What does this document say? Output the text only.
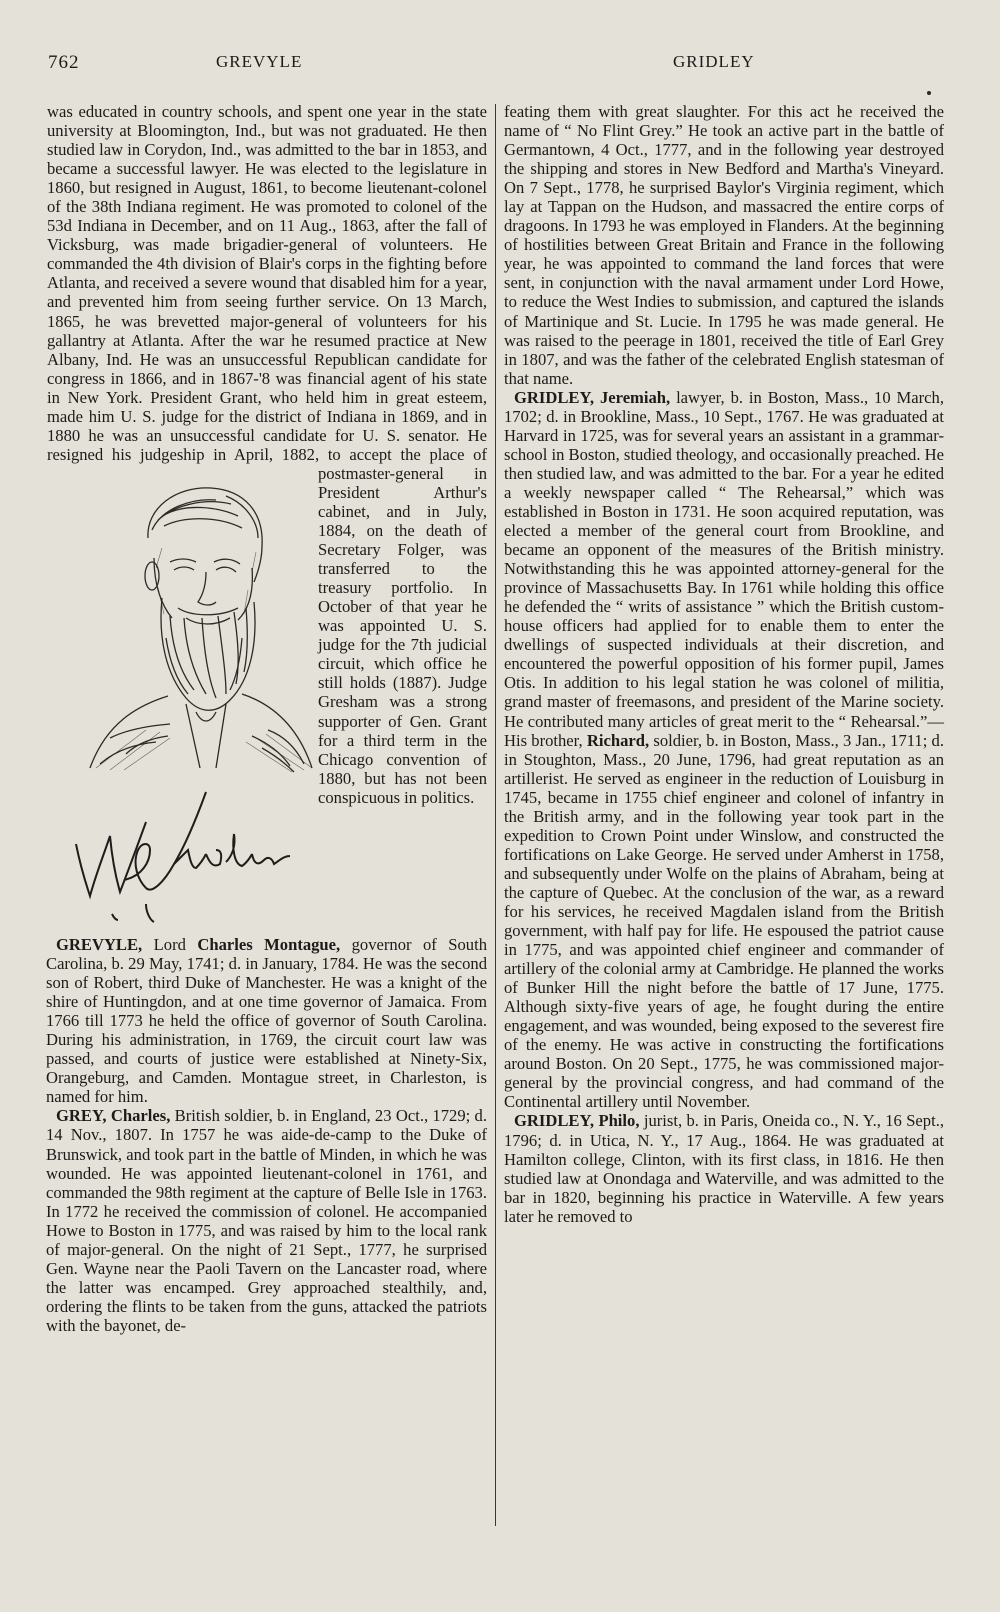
762	GREVYLE	GRIDLEY

was educated in country schools, and spent one year in the state university at Bloomington, Ind., but was not graduated. He then studied law in Corydon, Ind., was admitted to the bar in 1853, and became a successful lawyer. He was elected to the legislature in 1860, but resigned in August, 1861, to become lieutenant-colonel of the 38th Indiana regiment. He was promoted to colonel of the 53d Indiana in December, and on 11 Aug., 1863, after the fall of Vicksburg, was made brigadier-general of volunteers. He commanded the 4th division of Blair's corps in the fighting before Atlanta, and received a severe wound that disabled him for a year, and prevented him from seeing further service. On 13 March, 1865, he was brevetted major-general of volunteers for his gallantry at Atlanta. After the war he resumed practice at New Albany, Ind. He was an unsuccessful Republican candidate for congress in 1866, and in 1867-'8 was financial agent of his state in New York. President Grant, who held him in great esteem, made him U. S. judge for the district of Indiana in 1869, and in 1880 he was an unsuccessful candidate for U. S. senator. He resigned his judgeship in April, 1882, to accept the place of postmaster-general in President Arthur's cabinet, and in July, 1884, on the death of Secretary Folger, was transferred to the treasury portfolio. In October of that year he was appointed U. S. judge for the 7th judicial circuit, which office he still holds (1887). Judge Gresham was a strong supporter of Gen. Grant for a third term in the Chicago convention of 1880, but has not been conspicuous in politics.

GREVYLE, Lord Charles Montague, governor of South Carolina, b. 29 May, 1741; d. in January, 1784. He was the second son of Robert, third Duke of Manchester. He was a knight of the shire of Huntingdon, and at one time governor of Jamaica. From 1766 till 1773 he held the office of governor of South Carolina. During his administration, in 1769, the circuit court law was passed, and courts of justice were established at Ninety-Six, Orangeburg, and Camden. Montague street, in Charleston, is named for him.

GREY, Charles, British soldier, b. in England, 23 Oct., 1729; d. 14 Nov., 1807. In 1757 he was aide-de-camp to the Duke of Brunswick, and took part in the battle of Minden, in which he was wounded. He was appointed lieutenant-colonel in 1761, and commanded the 98th regiment at the capture of Belle Isle in 1763. In 1772 he received the commission of colonel. He accompanied Howe to Boston in 1775, and was raised by him to the local rank of major-general. On the night of 21 Sept., 1777, he surprised Gen. Wayne near the Paoli Tavern on the Lancaster road, where the latter was encamped. Grey approached stealthily, and, ordering the flints to be taken from the guns, attacked the patriots with the bayonet, de-

feating them with great slaughter. For this act he received the name of “ No Flint Grey.” He took an active part in the battle of Germantown, 4 Oct., 1777, and in the following year destroyed the shipping and stores in New Bedford and Martha's Vineyard. On 7 Sept., 1778, he surprised Baylor's Virginia regiment, which lay at Tappan on the Hudson, and massacred the entire corps of dragoons. In 1793 he was employed in Flanders. At the beginning of hostilities between Great Britain and France in the following year, he was appointed to command the land forces that were sent, in conjunction with the naval armament under Lord Howe, to reduce the West Indies to submission, and captured the islands of Martinique and St. Lucie. In 1795 he was made general. He was raised to the peerage in 1801, received the title of Earl Grey in 1807, and was the father of the celebrated English statesman of that name.

GRIDLEY, Jeremiah, lawyer, b. in Boston, Mass., 10 March, 1702; d. in Brookline, Mass., 10 Sept., 1767. He was graduated at Harvard in 1725, was for several years an assistant in a grammar-school in Boston, studied theology, and occasionally preached. He then studied law, and was admitted to the bar. For a year he edited a weekly newspaper called “ The Rehearsal,” which was established in Boston in 1731. He soon acquired reputation, was elected a member of the general court from Brookline, and became an opponent of the measures of the British ministry. Notwithstanding this he was appointed attorney-general for the province of Massachusetts Bay. In 1761 while holding this office he defended the “ writs of assistance ” which the British custom-house officers had applied for to enable them to enter the dwellings of suspected individuals at their discretion, and encountered the powerful opposition of his former pupil, James Otis. In addition to his legal station he was colonel of militia, grand master of freemasons, and president of the Marine society. He contributed many articles of great merit to the “ Rehearsal.”—His brother, Richard, soldier, b. in Boston, Mass., 3 Jan., 1711; d. in Stoughton, Mass., 20 June, 1796, had great reputation as an artillerist. He served as engineer in the reduction of Louisburg in 1745, became in 1755 chief engineer and colonel of infantry in the British army, and in the following year took part in the expedition to Crown Point under Winslow, and constructed the fortifications on Lake George. He served under Amherst in 1758, and subsequently under Wolfe on the plains of Abraham, being at the capture of Quebec. At the conclusion of the war, as a reward for his services, he received Magdalen island from the British government, with half pay for life. He espoused the patriot cause in 1775, and was appointed chief engineer and commander of artillery of the colonial army at Cambridge. He planned the works of Bunker Hill the night before the battle of 17 June, 1775. Although sixty-five years of age, he fought during the entire engagement, and was wounded, being exposed to the severest fire of the enemy. He was active in constructing the fortifications around Boston. On 20 Sept., 1775, he was commissioned major-general by the provincial congress, and had command of the Continental artillery until November.

GRIDLEY, Philo, jurist, b. in Paris, Oneida co., N. Y., 16 Sept., 1796; d. in Utica, N. Y., 17 Aug., 1864. He was graduated at Hamilton college, Clinton, with its first class, in 1816. He then studied law at Onondaga and Waterville, and was admitted to the bar in 1820, beginning his practice in Waterville. A few years later he removed to
